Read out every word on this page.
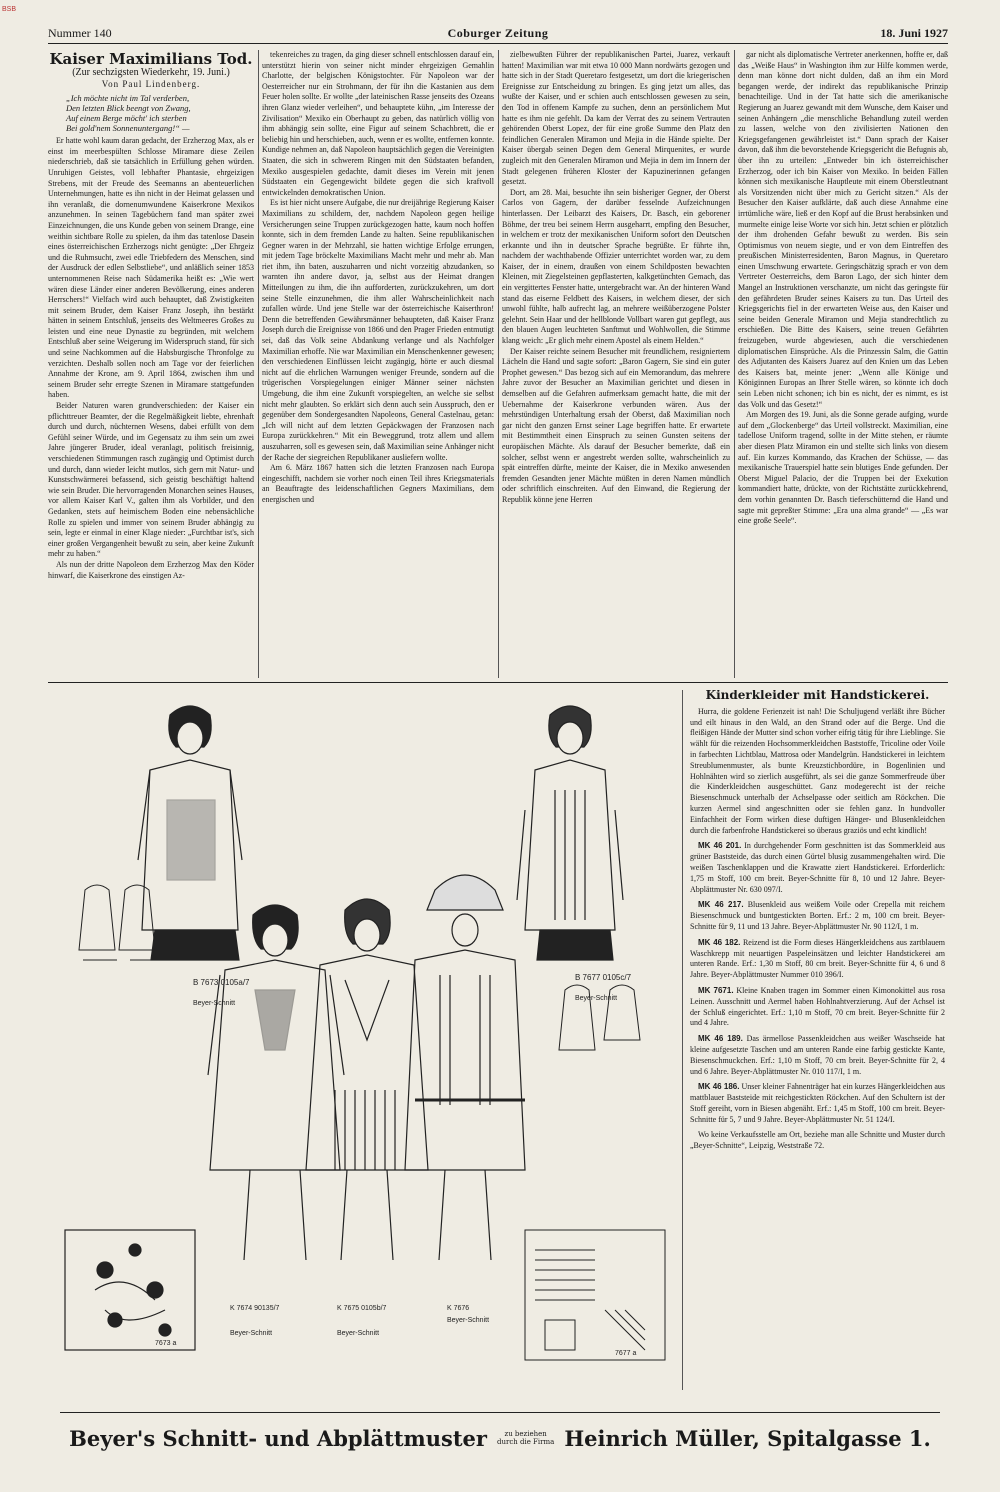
BSB
Nummer 140	Coburger Zeitung	18. Juni 1927
Kaiser Maximilians Tod.
(Zur sechzigsten Wiederkehr, 19. Juni.)
Von Paul Lindenberg.
„Ich möchte nicht im Tal verderben,
Den letzten Blick beengt von Zwang,
Auf einem Berge möcht' ich sterben
Bei gold'nem Sonnenuntergang!“ —

Er hatte wohl kaum daran gedacht, der Erzherzog Max, als er einst im meerbespülten Schlosse Miramare diese Zeilen niederschrieb, daß sie tatsächlich in Erfüllung gehen würden. Unruhigen Geistes, voll lebhafter Phantasie, ehrgeizigen Strebens, mit der Freude des Seemanns an abenteuerlichen Unternehmungen, hatte es ihn nicht in der Heimat gelassen und ihn veranlaßt, die dornenumwundene Kaiserkrone Mexikos anzunehmen. In seinen Tagebüchern fand man später zwei Einzeichnungen, die uns Kunde geben von seinem Drange, eine weithin sichtbare Rolle zu spielen, da ihm das tatenlose Dasein eines österreichischen Erzherzogs nicht genügte: „Der Ehrgeiz und die Ruhmsucht, zwei edle Triebfedern des Menschen, sind der Ausdruck der edlen Selbstliebe“, und anläßlich seiner 1853 unternommenen Reise nach Südamerika heißt es: „Wie wert wären diese Länder einer anderen Bevölkerung, eines anderen Herrschers!“ Vielfach wird auch behauptet, daß Zwistigkeiten mit seinem Bruder, dem Kaiser Franz Joseph, ihn bestärkt hätten in seinem Entschluß, jenseits des Weltmeeres Großes zu leisten und eine neue Dynastie zu begründen, mit welchem Entschluß aber seine Weigerung im Widerspruch stand, für sich und seine Nachkommen auf die Habsburgische Thronfolge zu verzichten. Deshalb sollen noch am Tage vor der feierlichen Annahme der Krone, am 9. April 1864, zwischen ihm und seinem Bruder sehr erregte Szenen in Miramare stattgefunden haben.

Beider Naturen waren grundverschieden: der Kaiser ein pflichttreuer Beamter, der die Regelmäßigkeit liebte, ehrenhaft durch und durch, nüchternen Wesens, dabei erfüllt von dem Gefühl seiner Würde, und im Gegensatz zu ihm sein um zwei Jahre jüngerer Bruder, ideal veranlagt, politisch freisinnig, verschiedenen Stimmungen rasch zugängig und Optimist durch und durch, dann wieder leicht mutlos, sich gern mit Natur- und Kunstschwärmerei befassend, sich geistig beschäftigt haltend wie sein Bruder. Die hervorragenden Monarchen seines Hauses, vor allem Kaiser Karl V., galten ihm als Vorbilder, und den Gedanken, stets auf heimischem Boden eine nebensächliche Rolle zu spielen und immer von seinem Bruder abhängig zu sein, legte er einmal in einer Klage nieder: „Furchtbar ist's, sich einer großen Vergangenheit bewußt zu sein, aber keine Zukunft mehr zu haben.“

Als nun der dritte Napoleon dem Erzherzog Max den Köder hinwarf, die Kaiserkrone des einstigen Az-

tekenreiches zu tragen, da ging dieser schnell entschlossen darauf ein, unterstützt hierin von seiner nicht minder ehrgeizigen Gemahlin Charlotte, der belgischen Königstochter. Für Napoleon war der Oesterreicher nur ein Strohmann, der für ihn die Kastanien aus dem Feuer holen sollte. Er wollte „der lateinischen Rasse jenseits des Ozeans ihren Glanz wieder verleihen“, und behauptete kühn, „im Interesse der Zivilisation“ Mexiko ein Oberhaupt zu geben, das natürlich völlig von ihm abhängig sein sollte, eine Figur auf seinem Schachbrett, die er beliebig hin und herschieben, auch, wenn er es wollte, entfernen konnte. Kundige nehmen an, daß Napoleon hauptsächlich gegen die Vereinigten Staaten, die sich in schwerem Ringen mit den Südstaaten befanden, Mexiko ausgespielen gedachte, damit dieses im Verein mit jenen Südstaaten ein Gegengewicht bildete gegen die sich kraftvoll entwickelnden demokratischen Union.

Es ist hier nicht unsere Aufgabe, die nur dreijährige Regierung Kaiser Maximilians zu schildern, der, nachdem Napoleon gegen heilige Versicherungen seine Truppen zurückgezogen hatte, kaum noch hoffen konnte, sich in dem fremden Lande zu halten. Seine republikanischen Gegner waren in der Mehrzahl, sie hatten wichtige Erfolge errungen, mit jedem Tage bröckelte Maximilians Macht mehr und mehr ab. Man riet ihm, ihn baten, auszuharren und nicht vorzeitig abzudanken, so warnten ihn andere davor, ja, selbst aus der Heimat drangen Mitteilungen zu ihm, die ihn aufforderten, zurückzukehren, um dort seine Stelle einzunehmen, die ihm aller Wahrscheinlichkeit nach zufallen würde. Und jene Stelle war der österreichische Kaiserthron! Denn die betreffenden Gewährsmänner behaupteten, daß Kaiser Franz Joseph durch die Ereignisse von 1866 und den Prager Frieden entmutigt sei, daß das Volk seine Abdankung verlange und als Nachfolger Maximilian erhoffe. Nie war Maximilian ein Menschenkenner gewesen; den verschiedenen Einflüssen leicht zugängig, hörte er auch diesmal nicht auf die ehrlichen Warnungen weniger Freunde, sondern auf die trügerischen Vorspiegelungen einiger Männer seiner nächsten Umgebung, die ihm eine Zukunft vorspiegelten, an welche sie selbst nicht mehr glaubten. So erklärt sich denn auch sein Ausspruch, den er gegenüber dem Sondergesandten Napoleons, General Castelnau, getan: „Ich will nicht auf dem letzten Gepäckwagen der Franzosen nach Europa zurückkehren.“ Mit ein Beweggrund, trotz allem und allem auszuharren, soll es gewesen sein, daß Maximilian seine Anhänger nicht der Rache der siegreichen Republikaner ausliefern wollte.

Am 6. März 1867 hatten sich die letzten Franzosen nach Europa eingeschifft, nachdem sie vorher noch einen Teil ihres Kriegsmaterials an Beauftragte des leidenschaftlichen Gegners Maximilians, dem energischen und

zielbewußten Führer der republikanischen Partei, Juarez, verkauft hatten! Maximilian war mit etwa 10 000 Mann nordwärts gezogen und hatte sich in der Stadt Queretaro festgesetzt, um dort die kriegerischen Ereignisse zur Entscheidung zu bringen. Es ging jetzt um alles, das wußte der Kaiser, und er schien auch entschlossen gewesen zu sein, den Tod in offenem Kampfe zu suchen, denn an persönlichem Mut hatte es ihm nie gefehlt. Da kam der Verrat des zu seinem Vertrauten gehörenden Oberst Lopez, der für eine große Summe den Platz den feindlichen Generalen Miramon und Mejia in die Hände spielte. Der Kaiser übergab seinen Degen dem General Mirquenites, er wurde zugleich mit den Generalen Miramon und Mejia in dem im Innern der Stadt gelegenen früheren Kloster der Kapuzinerinnen gefangen gesetzt.

Dort, am 28. Mai, besuchte ihn sein bisheriger Gegner, der Oberst Carlos von Gagern, der darüber fesselnde Aufzeichnungen hinterlassen. Der Leibarzt des Kaisers, Dr. Basch, ein geborener Böhme, der treu bei seinem Herrn ausgeharrt, empfing den Besucher, in welchem er trotz der mexikanischen Uniform sofort den Deutschen erkannte und ihn in deutscher Sprache begrüßte. Er führte ihn, nachdem der wachthabende Offizier unterrichtet worden war, zu dem Kaiser, der in einem, draußen von einem Schildposten bewachten Kleinen, mit Ziegelsteinen gepflasterten, kalkgetünchten Gemach, das ein vergittertes Fenster hatte, untergebracht war. An der hinteren Wand stand das eiserne Feldbett des Kaisers, in welchem dieser, der sich unwohl fühlte, halb aufrecht lag, an mehrere weißüberzogene Polster gelehnt. Sein Haar und der hellblonde Vollbart waren gut gepflegt, aus den blauen Augen leuchteten Sanftmut und Wohlwollen, die Stimme klang weich: „Er glich mehr einem Apostel als einem Helden.“

Der Kaiser reichte seinem Besucher mit freundlichem, resigniertem Lächeln die Hand und sagte sofort: „Baron Gagern, Sie sind ein guter Prophet gewesen.“ Das bezog sich auf ein Memorandum, das mehrere Jahre zuvor der Besucher an Maximilian gerichtet und diesen in demselben auf die Gefahren aufmerksam gemacht hatte, die mit der Uebernahme der Kaiserkrone verbunden wären. Aus der mehrstündigen Unterhaltung ersah der Oberst, daß Maximilian noch gar nicht den ganzen Ernst seiner Lage begriffen hatte. Er erwartete mit Bestimmtheit einen Einspruch zu seinen Gunsten seitens der europäischen Mächte. Als darauf der Besucher bemerkte, daß ein solcher, selbst wenn er angestrebt werden sollte, wahrscheinlich zu spät eintreffen dürfte, meinte der Kaiser, die in Mexiko anwesenden fremden Gesandten jener Mächte müßten in deren Namen mündlich oder schriftlich einschreiten. Auf den Einwand, die Regierung der Republik könne jene Herren

gar nicht als diplomatische Vertreter anerkennen, hoffte er, daß das „Weiße Haus“ in Washington ihm zur Hilfe kommen werde, denn man könne dort nicht dulden, daß an ihm ein Mord begangen werde, der indirekt das republikanische Prinzip benachteilige. Und in der Tat hatte sich die amerikanische Regierung an Juarez gewandt mit dem Wunsche, dem Kaiser und seinen Anhängern „die menschliche Behandlung zuteil werden zu lassen, welche von den zivilisierten Nationen den Kriegsgefangenen gewährleistet ist.“ Dann sprach der Kaiser davon, daß ihm die bevorstehende Kriegsgericht die Befugnis ab, über ihn zu urteilen: „Entweder bin ich österreichischer Erzherzog, oder ich bin Kaiser von Mexiko. In beiden Fällen können sich mexikanische Hauptleute mit einem Oberstleutnant als Vorsitzenden nicht über mich zu Gericht sitzen.“ Als der Besucher den Kaiser aufklärte, daß auch diese Annahme eine irrtümliche wäre, ließ er den Kopf auf die Brust herabsinken und murmelte einige leise Worte vor sich hin. Jetzt schien er plötzlich der ihm drohenden Gefahr bewußt zu werden. Bis sein Optimismus von neuem siegte, und er von dem Eintreffen des preußischen Ministerresidenten, Baron Magnus, in Queretaro einen Umschwung erwartete. Geringschätzig sprach er von dem Vertreter Oesterreichs, dem Baron Lago, der sich hinter dem Mangel an Instruktionen verschanzte, um nicht das geringste für den gefährdeten Bruder seines Kaisers zu tun. Das Urteil des Kriegsgerichts fiel in der erwarteten Weise aus, den Kaiser und seine beiden Generale Miramon und Mejia standrechtlich zu erschießen. Die Bitte des Kaisers, seine treuen Gefährten freizugeben, wurde abgewiesen, auch die verschiedenen diplomatischen Einsprüche. Als die Prinzessin Salm, die Gattin des Adjutanten des Kaisers Juarez auf den Knien um das Leben des Kaisers bat, meinte jener: „Wenn alle Könige und Königinnen Europas an Ihrer Stelle wären, so könnte ich doch sein Leben nicht schonen; ich bin es nicht, der es nimmt, es ist das Volk und das Gesetz!“

Am Morgen des 19. Juni, als die Sonne gerade aufging, wurde auf dem „Glockenberge“ das Urteil vollstreckt. Maximilian, eine tadellose Uniform tragend, sollte in der Mitte stehen, er räumte aber diesen Platz Miramon ein und stellte sich links von diesem auf. Ein kurzes Kommando, das Krachen der Schüsse, — das mexikanische Trauerspiel hatte sein blutiges Ende gefunden. Der Oberst Miguel Palacio, der die Truppen bei der Exekution kommandiert hatte, drückte, von der Richtstätte zurückkehrend, dem vorhin genannten Dr. Basch tieferschütternd die Hand und sagte mit gepreßter Stimme: „Era una alma grande“ — „Es war eine große Seele“.

B 7673 0105a/7
Beyer-Schnitt
B 7677 0105c/7
Beyer-Schnitt
K 7674 90135/7
Beyer-Schnitt
K 7675 0105b/7
Beyer-Schnitt
K 7676
Beyer-Schnitt
7673 a
7677 a
Kinderkleider mit Handstickerei.

Hurra, die goldene Ferienzeit ist nah! Die Schuljugend verläßt ihre Bücher und eilt hinaus in den Wald, an den Strand oder auf die Berge. Und die fleißigen Hände der Mutter sind schon vorher eifrig tätig für ihre Lieblinge. Sie wählt für die reizenden Hochsommerkleidchen Baststoffe, Tricoline oder Voile in farbechten Lichtblau, Mattrosa oder Mandelgrün. Handstickerei in leichtem Streublumenmuster, als bunte Kreuzstichbordüre, in Bogenlinien und Hohlnähten wird so zierlich ausgeführt, als sei die ganze Sommerfreude über die Kinderkleidchen ausgeschüttet. Ganz modegerecht ist der reiche Biesenschmuck unterhalb der Achselpasse oder seitlich am Röckchen. Die kurzen Aermel sind angeschnitten oder sie fehlen ganz. In hundvoller Einfachheit der Form wirken diese duftigen Hänger- und Blusenkleidchen durch die farbenfrohe Handstickerei so überaus graziös und echt kindlich!

MK 46 201. In durchgehender Form geschnitten ist das Sommerkleid aus grüner Baststeide, das durch einen Gürtel blusig zusammengehalten wird. Die weißen Taschenklappen und die Krawatte ziert Handstickerei. Erforderlich: 1,75 m Stoff, 100 cm breit. Beyer-Schnitte für 8, 10 und 12 Jahre. Beyer-Abplättmuster Nr. 630 097/I.

MK 46 217. Blusenkleid aus weißem Voile oder Crepella mit reichem Biesenschmuck und buntgestickten Borten. Erf.: 2 m, 100 cm breit. Beyer-Schnitte für 9, 11 und 13 Jahre. Beyer-Abplättmuster Nr. 90 112/I, 1 m.

MK 46 182. Reizend ist die Form dieses Hängerkleidchens aus zartblauem Waschkrepp mit neuartigen Paspeleinsätzen und leichter Handstickerei am unteren Rande. Erf.: 1,30 m Stoff, 80 cm breit. Beyer-Schnitte für 4, 6 und 8 Jahre. Beyer-Abplättmuster Nummer 010 396/I.

MK 7671. Kleine Knaben tragen im Sommer einen Kimonokittel aus rosa Leinen. Ausschnitt und Aermel haben Hohlnahtverzierung. Auf der Achsel ist der Schluß eingerichtet. Erf.: 1,10 m Stoff, 70 cm breit. Beyer-Schnitte für 2 und 4 Jahre.

MK 46 189. Das ärmellose Passenkleidchen aus weißer Waschseide hat kleine aufgesetzte Taschen und am unteren Rande eine farbig gestickte Kante, Biesenschmuckchen. Erf.: 1,10 m Stoff, 70 cm breit. Beyer-Schnitte für 2, 4 und 6 Jahre. Beyer-Abplättmuster Nr. 010 117/I, 1 m.

MK 46 186. Unser kleiner Fahnenträger hat ein kurzes Hängerkleidchen aus mattblauer Baststeide mit reichgestickten Röckchen. Auf den Schultern ist der Stoff gereiht, vorn in Biesen abgenäht. Erf.: 1,45 m Stoff, 100 cm breit. Beyer-Schnitte für 5, 7 und 9 Jahre. Beyer-Abplättmuster Nr. 51 124/I.

Wo keine Verkaufsstelle am Ort, beziehe man alle Schnitte und Muster durch „Beyer-Schnitte“, Leipzig, Weststraße 72.

Beyer's Schnitt- und Abplättmuster	zu beziehen
durch die Firma Heinrich Müller, Spitalgasse 1.
